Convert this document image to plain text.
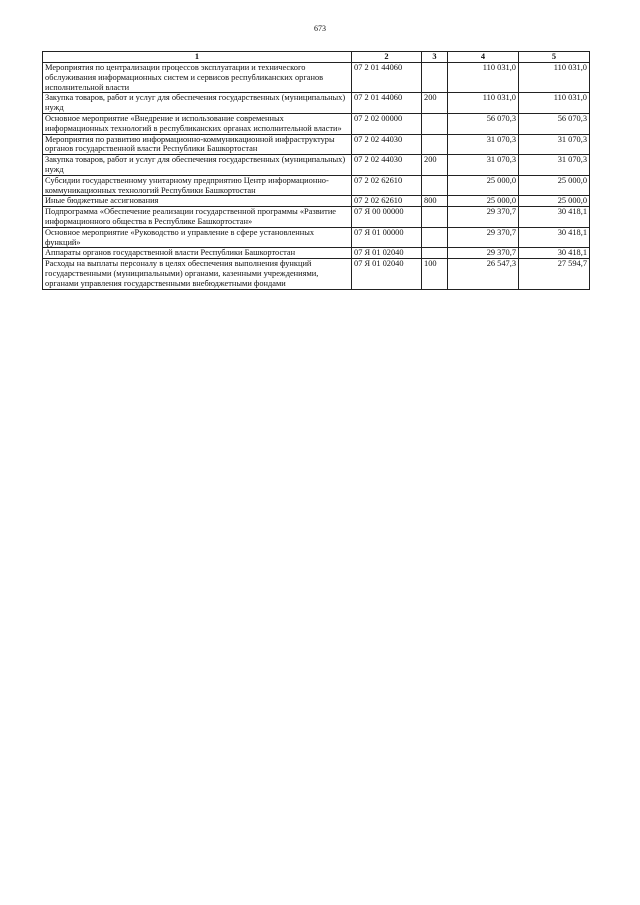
673
1	2	3	4	5
Мероприятия по централизации процессов эксплуатации и технического обслуживания информационных систем и сервисов республиканских органов исполнительной власти	07 2 01 44060		110 031,0	110 031,0
Закупка товаров, работ и услуг для обеспечения государственных (муниципальных) нужд	07 2 01 44060	200	110 031,0	110 031,0
Основное мероприятие «Внедрение и использование современных информационных технологий в республиканских органах исполнительной власти»	07 2 02 00000		56 070,3	56 070,3
Мероприятия по развитию информационно-коммуникационной инфраструктуры органов государственной власти Республики Башкортостан	07 2 02 44030		31 070,3	31 070,3
Закупка товаров, работ и услуг для обеспечения государственных (муниципальных) нужд	07 2 02 44030	200	31 070,3	31 070,3
Субсидии государственному унитарному предприятию Центр информационно-коммуникационных технологий Республики Башкортостан	07 2 02 62610		25 000,0	25 000,0
Иные бюджетные ассигнования	07 2 02 62610	800	25 000,0	25 000,0
Подпрограмма «Обеспечение реализации государственной программы «Развитие информационного общества в Республике Башкортостан»	07 Я 00 00000		29 370,7	30 418,1
Основное мероприятие «Руководство и управление в сфере установленных функций»	07 Я 01 00000		29 370,7	30 418,1
Аппараты органов государственной власти Республики Башкортостан	07 Я 01 02040		29 370,7	30 418,1
Расходы на выплаты персоналу в целях обеспечения выполнения функций государственными (муниципальными) органами, казенными учреждениями, органами управления государственными внебюджетными фондами	07 Я 01 02040	100	26 547,3	27 594,7
